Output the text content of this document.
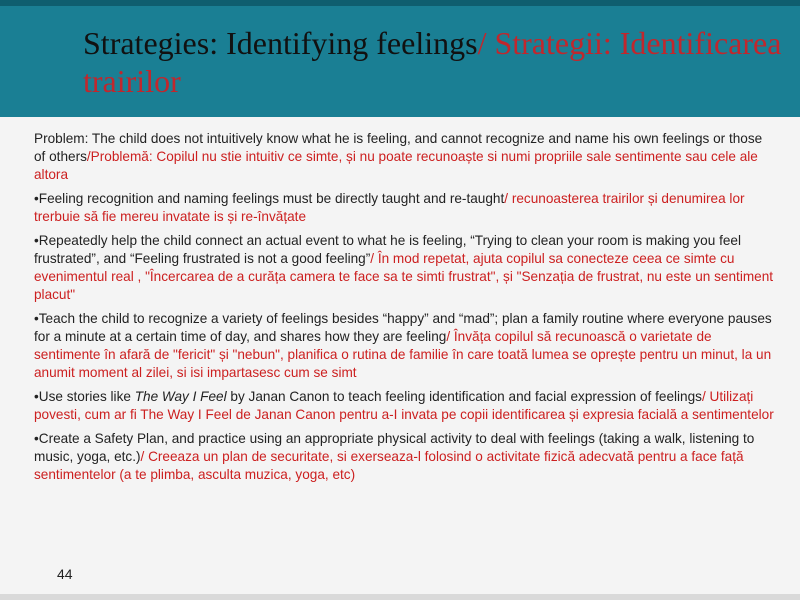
Strategies: Identifying feelings/ Strategii: Identificarea trairilor

Problem: The child does not intuitively know what he is feeling, and cannot recognize and name his own feelings or those of others/Problemă: Copilul nu stie intuitiv ce simte, și nu poate recunoaște si numi propriile sale sentimente sau cele ale altora

•Feeling recognition and naming feelings must be directly taught and re-taught/ recunoasterea trairilor și denumirea lor trerbuie să fie mereu invatate is și re-învățate

•Repeatedly help the child connect an actual event to what he is feeling, “Trying to clean your room is making you feel frustrated”, and “Feeling frustrated is not a good feeling”/ În mod repetat, ajuta copilul sa conecteze ceea ce simte cu evenimentul real , "Încercarea de a curăța camera te face sa te simti frustrat", și "Senzația de frustrat, nu este un sentiment placut"

•Teach the child to recognize a variety of feelings besides “happy” and “mad”; plan a family routine where everyone pauses for a minute at a certain time of day, and shares how they are feeling/ Învăța copilul să recunoască o varietate de sentimente în afară de "fericit" și "nebun", planifica o rutina de familie în care toată lumea se oprește pentru un minut, la un anumit moment al zilei, si isi impartasesc cum se simt

•Use stories like The Way I Feel by Janan Canon to teach feeling identification and facial expression of feelings/ Utilizați povesti, cum ar fi The Way I Feel de Janan Canon pentru a-I invata pe copii identificarea și expresia facială a sentimentelor

•Create a Safety Plan, and practice using an appropriate physical activity to deal with feelings (taking a walk, listening to music, yoga, etc.)/ Creeaza un plan de securitate, si exerseaza-l folosind o activitate fizică adecvată pentru a face față sentimentelor (a te plimba, asculta muzica, yoga, etc)

44
